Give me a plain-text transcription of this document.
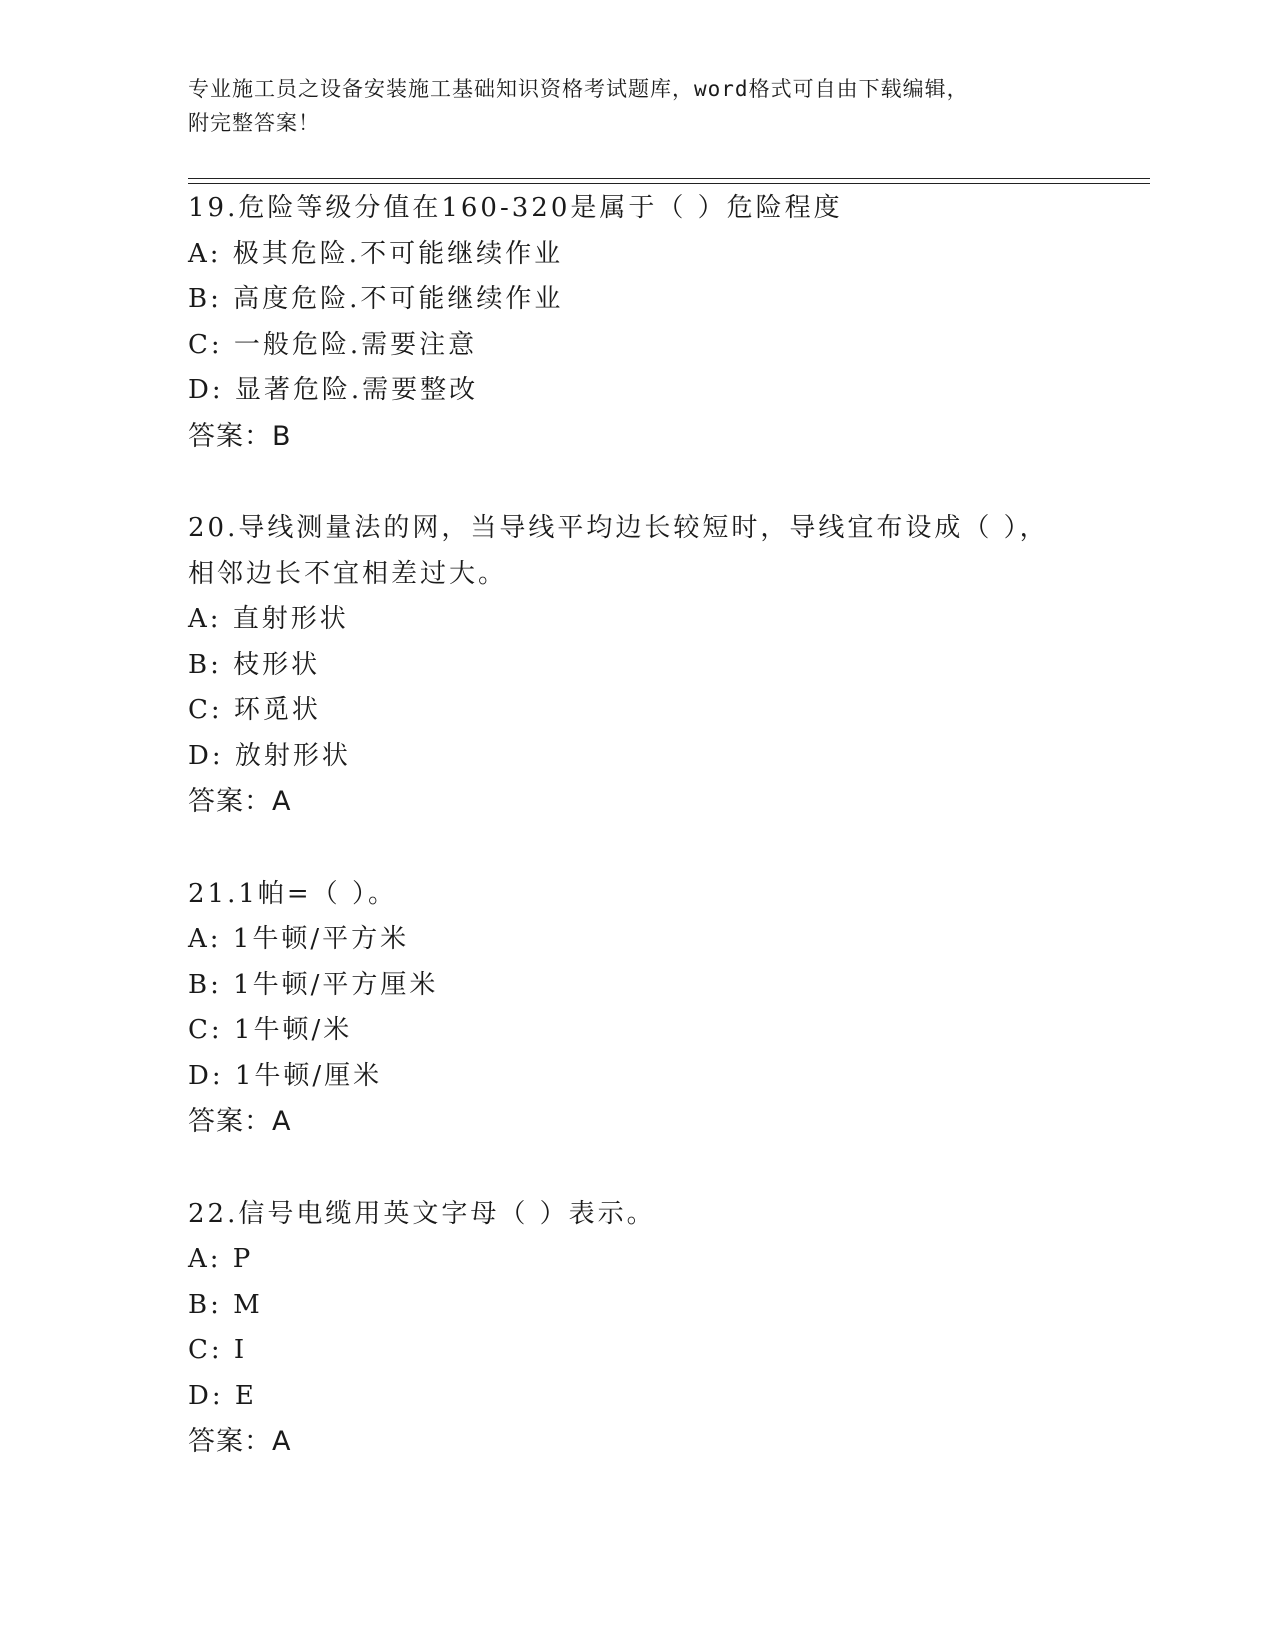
专业施工员之设备安装施工基础知识资格考试题库，word格式可自由下载编辑，
附完整答案！
19.危险等级分值在160-320是属于（ ）危险程度
A: 极其危险.不可能继续作业
B: 高度危险.不可能继续作业
C: 一般危险.需要注意
D: 显著危险.需要整改
答案：B
20.导线测量法的网，当导线平均边长较短时，导线宜布设成（ ），
相邻边长不宜相差过大。
A: 直射形状
B: 枝形状
C: 环觅状
D: 放射形状
答案：A
21.1帕=（ ）。
A: 1牛顿/平方米
B: 1牛顿/平方厘米
C: 1牛顿/米
D: 1牛顿/厘米
答案：A
22.信号电缆用英文字母（ ）表示。
A: P
B: M
C: I
D: E
答案：A
